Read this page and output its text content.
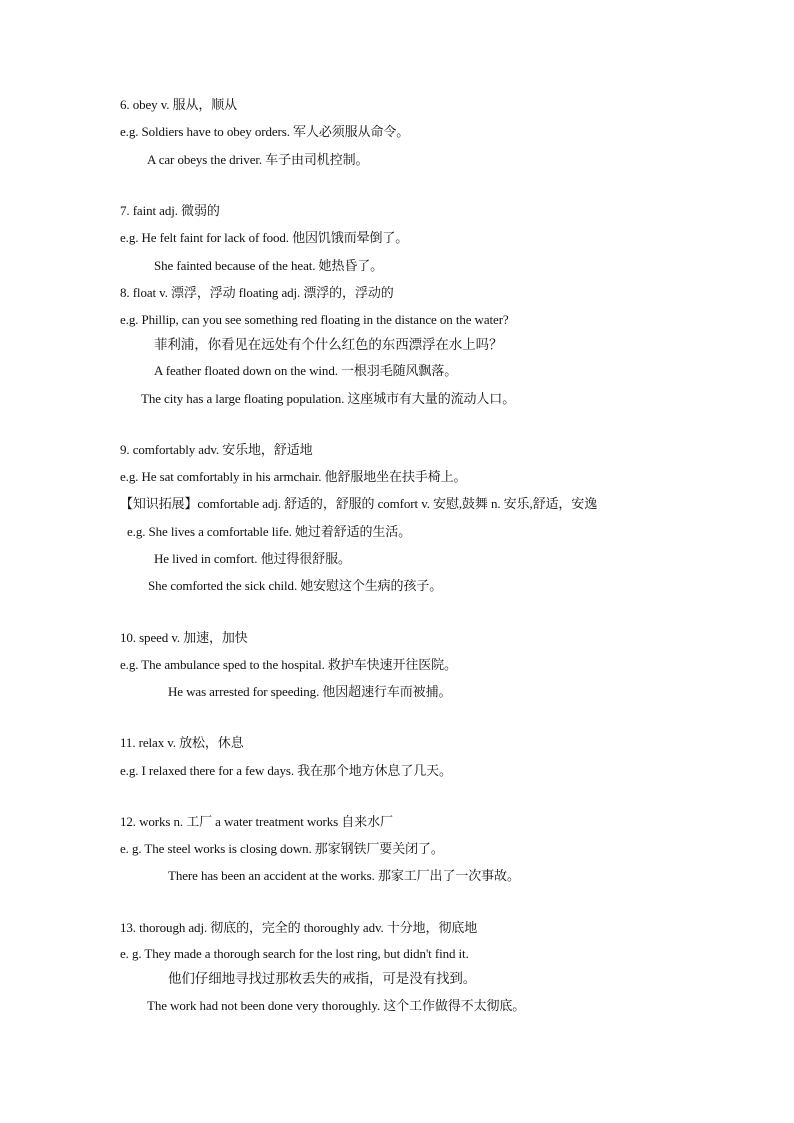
6. obey v. 服从，顺从
e.g. Soldiers have to obey orders. 军人必须服从命令。
A car obeys the driver. 车子由司机控制。
7. faint adj. 微弱的
e.g. He felt faint for lack of food. 他因饥饿而晕倒了。
She fainted because of the heat. 她热昏了。
8. float v. 漂浮，浮动 floating adj. 漂浮的，浮动的
e.g. Phillip, can you see something red floating in the distance on the water?
菲利浦，你看见在远处有个什么红色的东西漂浮在水上吗？
A feather floated down on the wind. 一根羽毛随风飘落。
The city has a large floating population. 这座城市有大量的流动人口。
9. comfortably adv. 安乐地，舒适地
e.g. He sat comfortably in his armchair. 他舒服地坐在扶手椅上。
【知识拓展】comfortable adj. 舒适的，舒服的 comfort v. 安慰,鼓舞 n. 安乐,舒适，安逸
e.g. She lives a comfortable life. 她过着舒适的生活。
He lived in comfort. 他过得很舒服。
She comforted the sick child. 她安慰这个生病的孩子。
10. speed v. 加速，加快
e.g. The ambulance sped to the hospital. 救护车快速开往医院。
He was arrested for speeding. 他因超速行车而被捕。
11. relax v. 放松，休息
e.g. I relaxed there for a few days. 我在那个地方休息了几天。
12. works n. 工厂 a water treatment works 自来水厂
e. g. The steel works is closing down. 那家钢铁厂要关闭了。
There has been an accident at the works. 那家工厂出了一次事故。
13. thorough adj. 彻底的，完全的 thoroughly adv. 十分地，彻底地
e. g. They made a thorough search for the lost ring, but didn't find it.
他们仔细地寻找过那枚丢失的戒指，可是没有找到。
The work had not been done very thoroughly. 这个工作做得不太彻底。
